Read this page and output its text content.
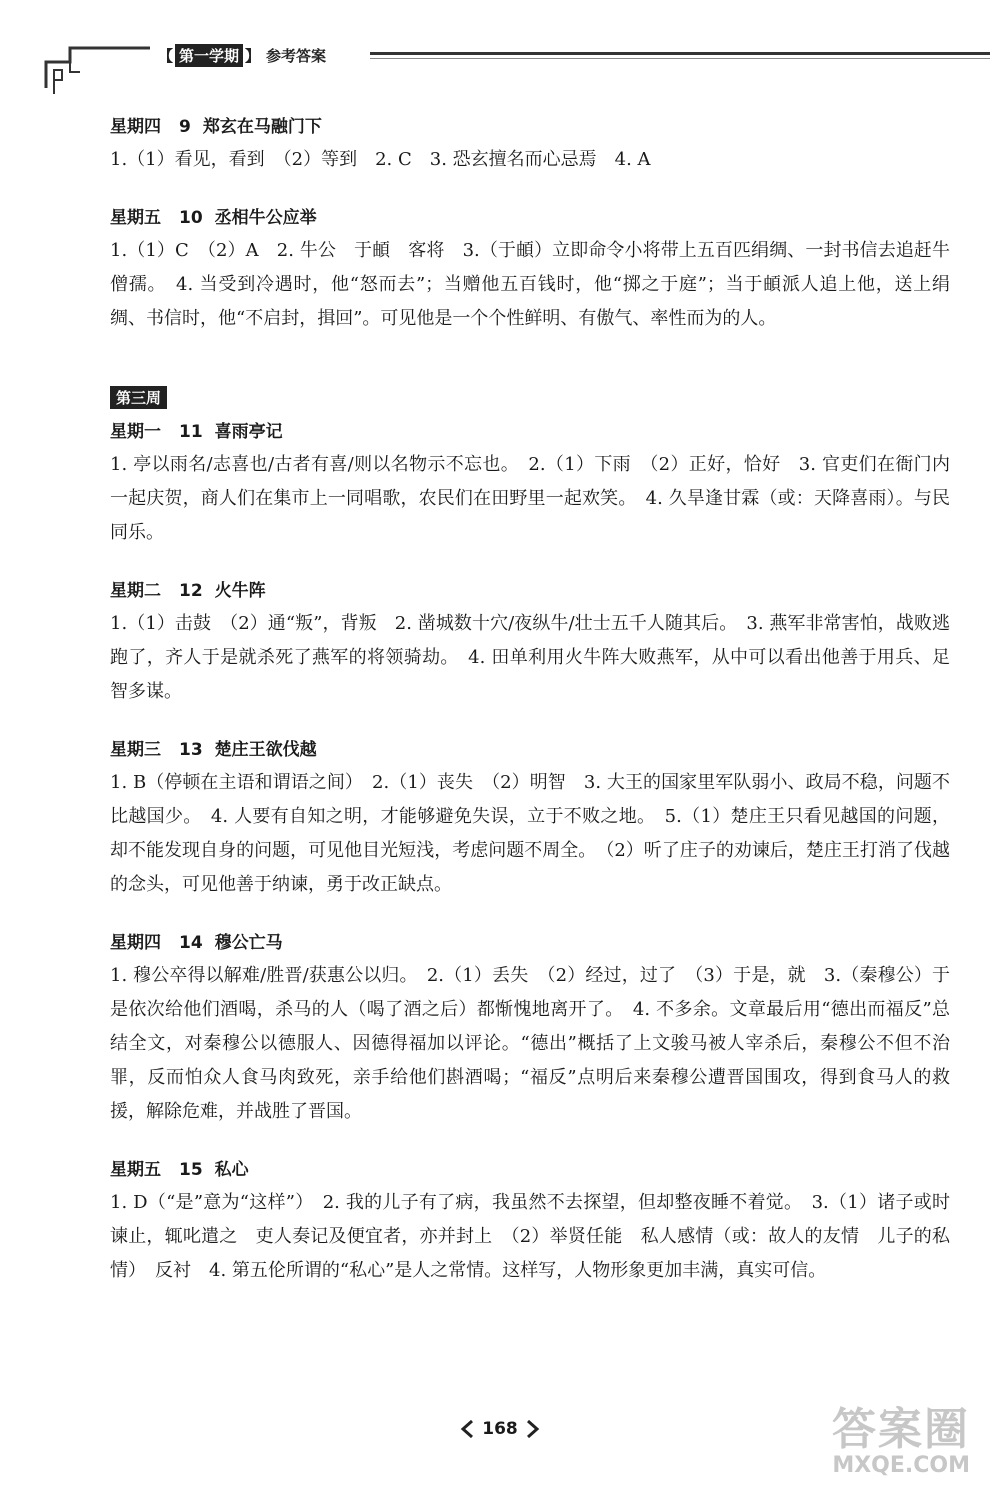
【 第一学期 】 参考答案
星期四 9 郑玄在马融门下
1.（1）看见，看到　（2）等到　2. C　3. 恐玄擅名而心忌焉　4. A
星期五 10 丞相牛公应举
1.（1）C　（2）A　2. 牛公　于頔　客将　3.（于頔）立即命令小将带上五百匹绢绸、一封书信去追赶牛僧孺。　4. 当受到冷遇时，他“怒而去”；当赠他五百钱时，他“掷之于庭”；当于頔派人追上他，送上绢绸、书信时，他“不启封，揖回”。可见他是一个个性鲜明、有傲气、率性而为的人。
第三周
星期一 11 喜雨亭记
1. 亭以雨名/志喜也/古者有喜/则以名物示不忘也。　2.（1）下雨　（2）正好，恰好　3. 官吏们在衙门内一起庆贺，商人们在集市上一同唱歌，农民们在田野里一起欢笑。　4. 久旱逢甘霖（或：天降喜雨）。与民同乐。
星期二 12 火牛阵
1.（1）击鼓　（2）通“叛”，背叛　2. 凿城数十穴/夜纵牛/壮士五千人随其后。　3. 燕军非常害怕，战败逃跑了，齐人于是就杀死了燕军的将领骑劫。　4. 田单利用火牛阵大败燕军，从中可以看出他善于用兵、足智多谋。
星期三 13 楚庄王欲伐越
1. B（停顿在主语和谓语之间）　2.（1）丧失　（2）明智　3. 大王的国家里军队弱小、政局不稳，问题不比越国少。　4. 人要有自知之明，才能够避免失误，立于不败之地。　5.（1）楚庄王只看见越国的问题，却不能发现自身的问题，可见他目光短浅，考虑问题不周全。　（2）听了庄子的劝谏后，楚庄王打消了伐越的念头，可见他善于纳谏，勇于改正缺点。
星期四 14 穆公亡马
1. 穆公卒得以解难/胜晋/获惠公以归。　2.（1）丢失　（2）经过，过了　（3）于是，就　3.（秦穆公）于是依次给他们酒喝，杀马的人（喝了酒之后）都惭愧地离开了。　4. 不多余。文章最后用“德出而福反”总结全文，对秦穆公以德服人、因德得福加以评论。“德出”概括了上文骏马被人宰杀后，秦穆公不但不治罪，反而怕众人食马肉致死，亲手给他们斟酒喝；“福反”点明后来秦穆公遭晋国围攻，得到食马人的救援，解除危难，并战胜了晋国。
星期五 15 私心
1. D（“是”意为“这样”）　2. 我的儿子有了病，我虽然不去探望，但却整夜睡不着觉。　3.（1）诸子或时谏止，辄叱遣之　吏人奏记及便宜者，亦并封上　（2）举贤任能　私人感情（或：故人的友情　儿子的私情）　反衬　4. 第五伦所谓的“私心”是人之常情。这样写，人物形象更加丰满，真实可信。
168	答案圈
MXQE.COM
